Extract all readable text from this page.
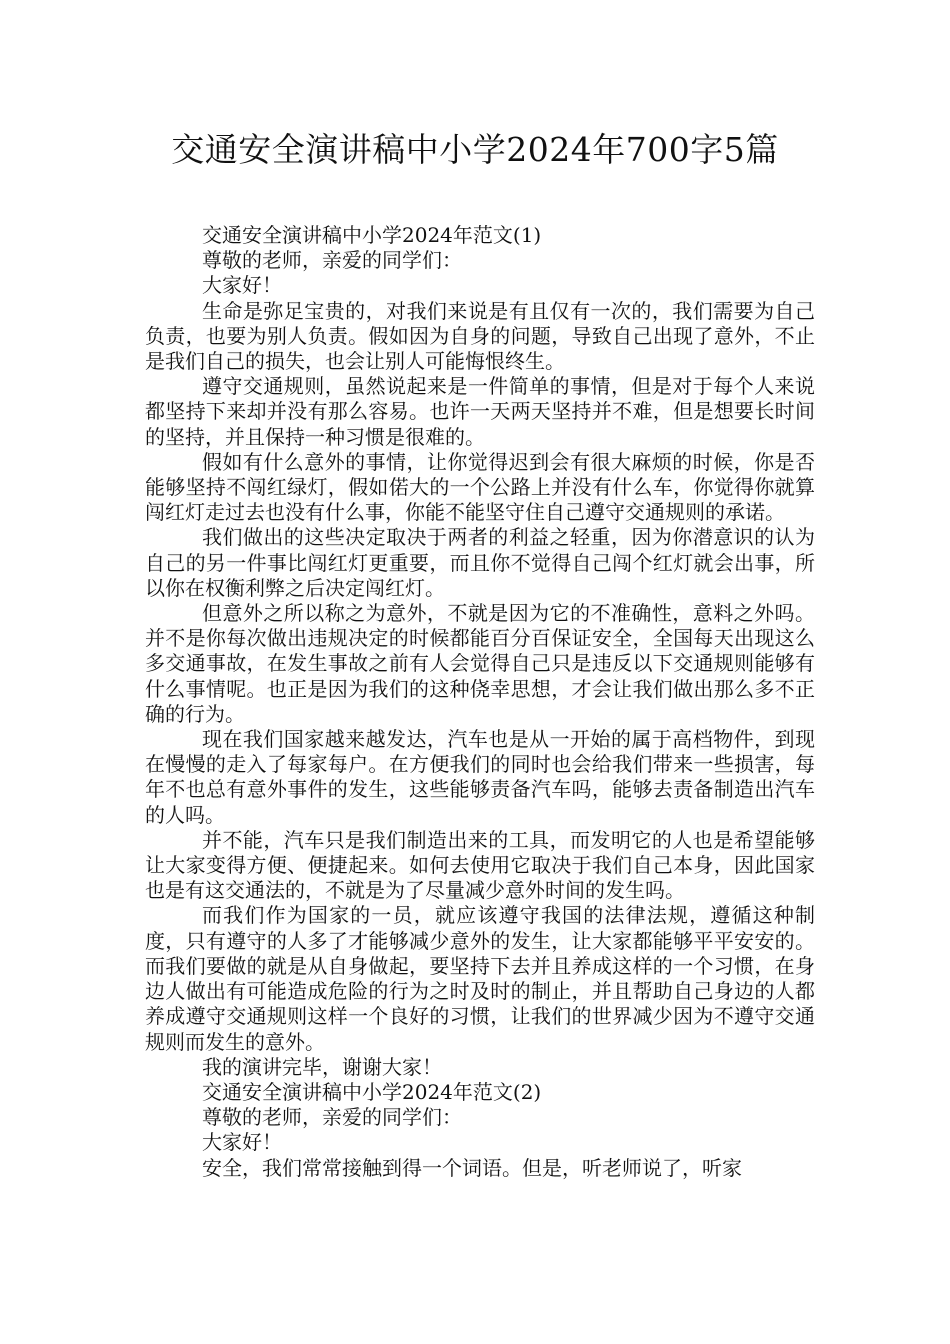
交通安全演讲稿中小学2024年700字5篇

交通安全演讲稿中小学2024年范文(1)

尊敬的老师，亲爱的同学们：

大家好！

生命是弥足宝贵的，对我们来说是有且仅有一次的，我们需要为自己负责，也要为别人负责。假如因为自身的问题，导致自己出现了意外，不止是我们自己的损失，也会让别人可能悔恨终生。

遵守交通规则，虽然说起来是一件简单的事情，但是对于每个人来说都坚持下来却并没有那么容易。也许一天两天坚持并不难，但是想要长时间的坚持，并且保持一种习惯是很难的。

假如有什么意外的事情，让你觉得迟到会有很大麻烦的时候，你是否能够坚持不闯红绿灯，假如偌大的一个公路上并没有什么车，你觉得你就算闯红灯走过去也没有什么事，你能不能坚守住自己遵守交通规则的承诺。

我们做出的这些决定取决于两者的利益之轻重，因为你潜意识的认为自己的另一件事比闯红灯更重要，而且你不觉得自己闯个红灯就会出事，所以你在权衡利弊之后决定闯红灯。

但意外之所以称之为意外，不就是因为它的不准确性，意料之外吗。并不是你每次做出违规决定的时候都能百分百保证安全，全国每天出现这么多交通事故，在发生事故之前有人会觉得自己只是违反以下交通规则能够有什么事情呢。也正是因为我们的这种侥幸思想，才会让我们做出那么多不正确的行为。

现在我们国家越来越发达，汽车也是从一开始的属于高档物件，到现在慢慢的走入了每家每户。在方便我们的同时也会给我们带来一些损害，每年不也总有意外事件的发生，这些能够责备汽车吗，能够去责备制造出汽车的人吗。

并不能，汽车只是我们制造出来的工具，而发明它的人也是希望能够让大家变得方便、便捷起来。如何去使用它取决于我们自己本身，因此国家也是有这交通法的，不就是为了尽量减少意外时间的发生吗。

而我们作为国家的一员，就应该遵守我国的法律法规，遵循这种制度，只有遵守的人多了才能够减少意外的发生，让大家都能够平平安安的。而我们要做的就是从自身做起，要坚持下去并且养成这样的一个习惯，在身边人做出有可能造成危险的行为之时及时的制止，并且帮助自己身边的人都养成遵守交通规则这样一个良好的习惯，让我们的世界减少因为不遵守交通规则而发生的意外。

我的演讲完毕，谢谢大家！

交通安全演讲稿中小学2024年范文(2)

尊敬的老师，亲爱的同学们：

大家好！

安全，我们常常接触到得一个词语。但是，听老师说了，听家
